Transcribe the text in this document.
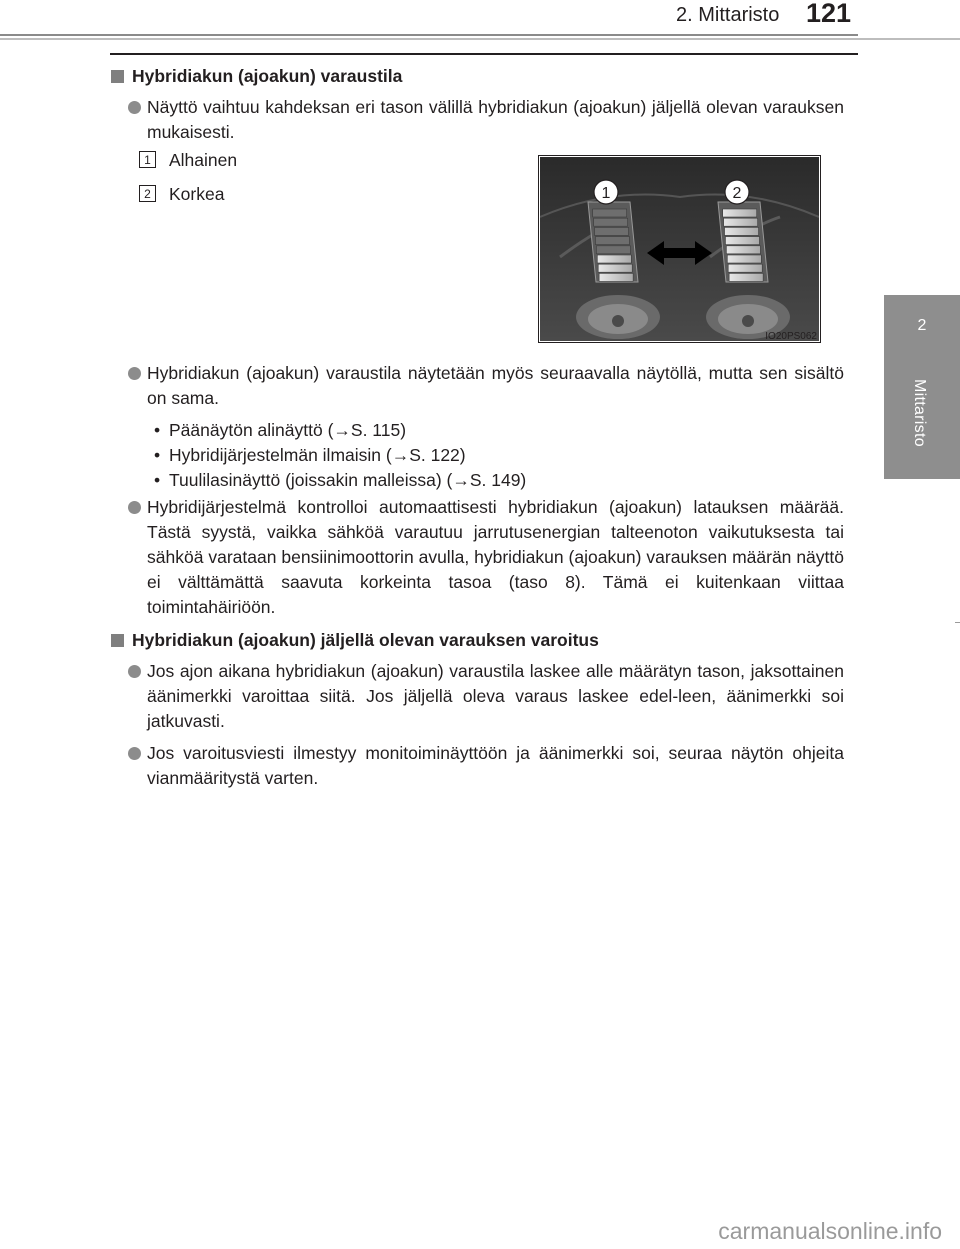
2. Mittaristo 121
2
Mittaristo
Hybridiakun (ajoakun) varaustila
Näyttö vaihtuu kahdeksan eri tason välillä hybridiakun (ajoakun) jäljellä olevan varauksen mukaisesti.
Hybridiakun (ajoakun) varaustila näytetään myös seuraavalla näytöllä, mutta sen sisältö on sama.
• Päänäytön alinäyttö (→S. 115)
• Hybridijärjestelmän ilmaisin (→S. 122)
• Tuulilasinäyttö (joissakin malleissa) (→S. 149)
Hybridijärjestelmä kontrolloi automaattisesti hybridiakun (ajoakun) latauksen määrää. Tästä syystä, vaikka sähköä varautuu jarrutusenergian talteenoton vaikutuksesta tai sähköä varataan bensiinimoottorin avulla, hybridiakun (ajoakun) varauksen määrän näyttö ei välttämättä saavuta korkeinta tasoa (taso 8). Tämä ei kuitenkaan viittaa toimintahäiriöön.
Hybridiakun (ajoakun) jäljellä olevan varauksen varoitus
Jos ajon aikana hybridiakun (ajoakun) varaustila laskee alle määrätyn tason, jaksottainen äänimerkki varoittaa siitä. Jos jäljellä oleva varaus laskee edel-leen, äänimerkki soi jatkuvasti.
Jos varoitusviesti ilmestyy monitoiminäyttöön ja äänimerkki soi, seuraa näytön ohjeita vianmääritystä varten.
1 Alhainen
2 Korkea	1	2
IO20PS062
carmanualsonline.info
